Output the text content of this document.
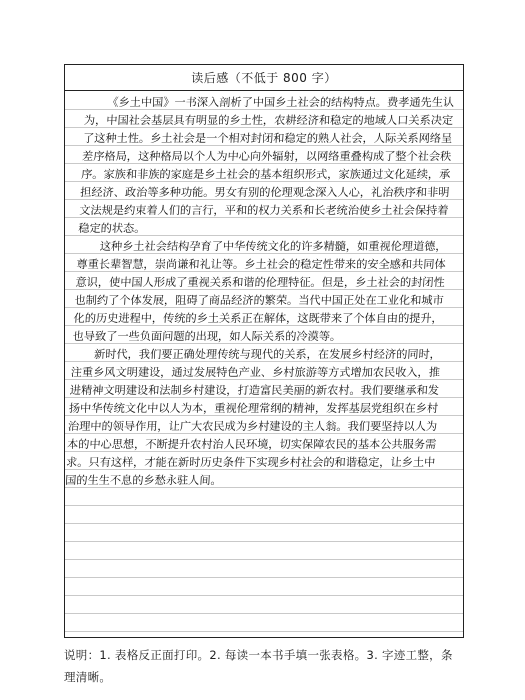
读后感（不低于 800 字）

《乡土中国》一书深入剖析了中国乡土社会的结构特点。费孝通先生认为，中国社会基层具有明显的乡土性，农耕经济和稳定的地域人口关系决定了这种土性。乡土社会是一个相对封闭和稳定的熟人社会，人际关系网络呈差序格局，这种格局以个人为中心向外辐射，以网络重叠构成了整个社会秩序。家族和非族的家庭是乡土社会的基本组织形式，家族通过文化延续，承担经济、政治等多种功能。男女有别的伦理观念深入人心，礼治秩序和非明文法规是约束着人们的言行，平和的权力关系和长老统治使乡土社会保持着稳定的状态。

这种乡土社会结构孕育了中华传统文化的许多精髓，如重视伦理道德，尊重长辈智慧，崇尚谦和礼让等。乡土社会的稳定性带来的安全感和共同体意识，使中国人形成了重视关系和谐的伦理特征。但是，乡土社会的封闭性也制约了个体发展，阻碍了商品经济的繁荣。当代中国正处在工业化和城市化的历史进程中，传统的乡土关系正在解体，这既带来了个体自由的提升，也导致了一些负面问题的出现，如人际关系的冷漠等。

新时代，我们要正确处理传统与现代的关系，在发展乡村经济的同时，注重乡风文明建设，通过发展特色产业、乡村旅游等方式增加农民收入，推进精神文明建设和法制乡村建设，打造富民美丽的新农村。我们要继承和发扬中华传统文化中以人为本，重视伦理常纲的精神，发挥基层党组织在乡村治理中的领导作用，让广大农民成为乡村建设的主人翁。我们要坚持以人为本的中心思想，不断提升农村治人民环境，切实保障农民的基本公共服务需求。只有这样，才能在新时历史条件下实现乡村社会的和谐稳定，让乡土中国的生生不息的乡愁永驻人间。

说明：1. 表格反正面打印。2. 每读一本书手填一张表格。3. 字迹工整，条理清晰。
